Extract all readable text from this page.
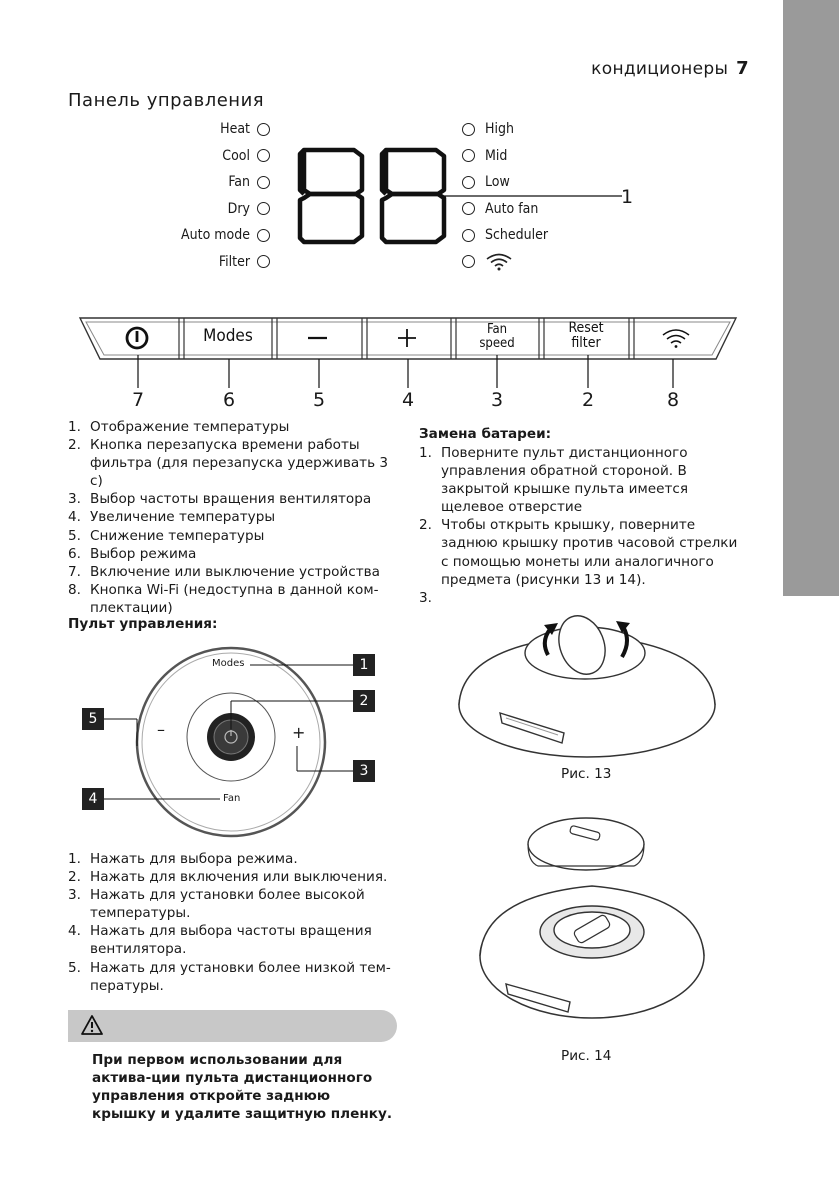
кондиционеры 7
Панель управления
Heat
Cool
Fan
Dry
Auto mode
Filter
High
Mid
Low
Auto fan
Scheduler
1
Modes	Fan
speed
Reset
filter
7	6	5	4	3	2	8
1. Отображение температуры
2. Кнопка перезапуска времени работы фильтра (для перезапуска удерживать 3 с)
3. Выбор частоты вращения вентилятора
4. Увеличение температуры
5. Снижение температуры
6. Выбор режима
7. Включение или выключение устройства
8. Кнопка Wi-Fi (недоступна в данной ком-плектации)
Пульт управления:
Modes
Fan
–	+
1
2
3
4
5
1. Нажать для выбора режима.
2. Нажать для включения или выключения.
3. Нажать для установки более высокой температуры.
4. Нажать для выбора частоты вращения вентилятора.
5. Нажать для установки более низкой тем-пературы.
При первом использовании для актива-ции пульта дистанционного управления откройте заднюю крышку и удалите защитную пленку.
Замена батареи:
1. Поверните пульт дистанционного управления обратной стороной. В закрытой крышке пульта имеется щелевое отверстие
2. Чтобы открыть крышку, поверните заднюю крышку против часовой стрелки с помощью монеты или аналогичного предмета (рисунки 13 и 14).
3.
Рис. 13
Рис. 14
